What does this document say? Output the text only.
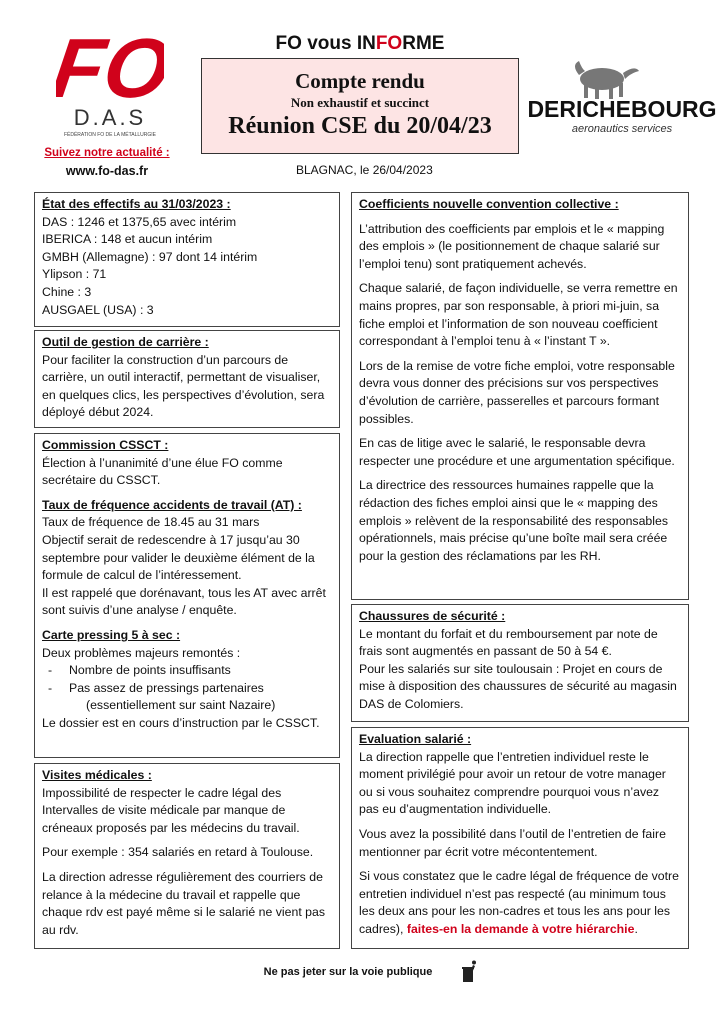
FO
D.A.S
FÉDÉRATION FO DE LA MÉTALLURGIE
Suivez notre actualité :
www.fo-das.fr
FO vous INFORME
Compte rendu
Non exhaustif et succinct
Réunion CSE du 20/04/23
BLAGNAC, le 26/04/2023
DERICHEBOURG
aeronautics services
État des effectifs au 31/03/2023 :

DAS : 1246 et 1375,65 avec intérim

IBERICA : 148 et aucun intérim

GMBH (Allemagne) : 97 dont 14 intérim

Ylipson : 71

Chine : 3

AUSGAEL (USA) : 3

Outil de gestion de carrière :

Pour faciliter la construction d’un parcours de carrière, un outil interactif, permettant de visualiser, en quelques clics, les perspectives d’évolution, sera déployé début 2024.

Commission CSSCT :

Élection à l’unanimité d’une élue FO comme secrétaire du CSSCT.

Taux de fréquence accidents de travail (AT) :

Taux de fréquence de 18.45 au 31 mars

Objectif serait de redescendre à 17 jusqu’au 30 septembre pour valider le deuxième élément de la formule de calcul de l’intéressement.

Il est rappelé que dorénavant, tous les AT avec arrêt sont suivis d’une analyse / enquête.

Carte pressing 5 à sec :

Deux problèmes majeurs remontés :

- Nombre de points insuffisants

- Pas assez de pressings partenaires

(essentiellement sur saint Nazaire)

Le dossier est en cours d’instruction par le CSSCT.

Visites médicales :

Impossibilité de respecter le cadre légal des Intervalles de visite médicale par manque de créneaux proposés par les médecins du travail.

Pour exemple : 354 salariés en retard à Toulouse.

La direction adresse régulièrement des courriers de relance à la médecine du travail et rappelle que chaque rdv est payé même si le salarié ne vient pas au rdv.

Coefficients nouvelle convention collective :

L’attribution des coefficients par emplois et le « mapping des emplois » (le positionnement de chaque salarié sur l’emploi tenu) sont pratiquement achevés.

Chaque salarié, de façon individuelle, se verra remettre en mains propres, par son responsable, à priori mi-juin, sa fiche emploi et l’information de son nouveau coefficient correspondant à l’emploi tenu à « l’instant T ».

Lors de la remise de votre fiche emploi, votre responsable devra vous donner des précisions sur vos perspectives d’évolution de carrière, passerelles et parcours formant possibles.

En cas de litige avec le salarié, le responsable devra respecter une procédure et une argumentation spécifique.

La directrice des ressources humaines rappelle que la rédaction des fiches emploi ainsi que le « mapping des emplois » relèvent de la responsabilité des responsables opérationnels, mais précise qu’une boîte mail sera créée pour la gestion des réclamations par les RH.

Chaussures de sécurité :

Le montant du forfait et du remboursement par note de frais sont augmentés en passant de 50 à 54 €.

Pour les salariés sur site toulousain : Projet en cours de mise à disposition des chaussures de sécurité au magasin DAS de Colomiers.

Evaluation salarié :

La direction rappelle que l’entretien individuel reste le moment privilégié pour avoir un retour de votre manager ou si vous souhaitez comprendre pourquoi vous n’avez pas eu d’augmentation individuelle.

Vous avez la possibilité dans l’outil de l’entretien de faire mentionner par écrit votre mécontentement.

Si vous constatez que le cadre légal de fréquence de votre entretien individuel n’est pas respecté (au minimum tous les deux ans pour les non-cadres et tous les ans pour les cadres), faites-en la demande à votre hiérarchie.

Ne pas jeter sur la voie publique
